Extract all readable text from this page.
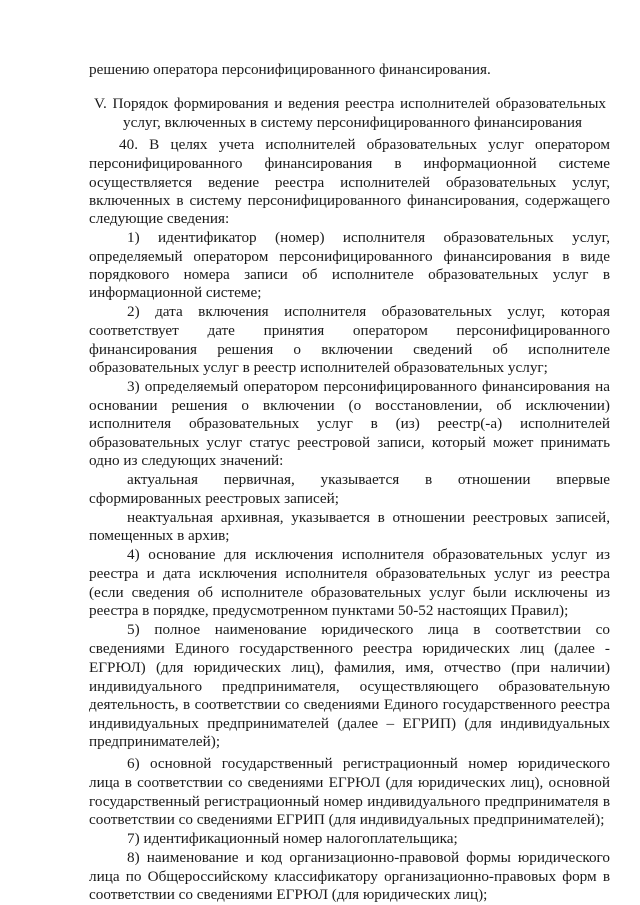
решению оператора персонифицированного финансирования.
V. Порядок формирования и ведения реестра исполнителей образовательных
услуг, включенных в систему персонифицированного финансирования
40. В целях учета исполнителей образовательных услуг оператором
персонифицированного финансирования в информационной системе
осуществляется ведение реестра исполнителей образовательных услуг,
включенных в систему персонифицированного финансирования, содержащего
следующие сведения:
1) идентификатор (номер) исполнителя образовательных услуг,
определяемый оператором персонифицированного финансирования в виде
порядкового номера записи об исполнителе образовательных услуг в
информационной системе;
2) дата включения исполнителя образовательных услуг, которая
соответствует дате принятия оператором персонифицированного
финансирования решения о включении сведений об исполнителе
образовательных услуг в реестр исполнителей образовательных услуг;
3) определяемый оператором персонифицированного финансирования на
основании решения о включении (о восстановлении, об исключении)
исполнителя образовательных услуг в (из) реестр(-а) исполнителей
образовательных услуг статус реестровой записи, который может принимать
одно из следующих значений:
актуальная первичная, указывается в отношении впервые
сформированных реестровых записей;
неактуальная архивная, указывается в отношении реестровых записей,
помещенных в архив;
4) основание для исключения исполнителя образовательных услуг из
реестра и дата исключения исполнителя образовательных услуг из реестра
(если сведения об исполнителе образовательных услуг были исключены из
реестра в порядке, предусмотренном пунктами 50-52 настоящих Правил);
5) полное наименование юридического лица в соответствии со
сведениями Единого государственного реестра юридических лиц (далее -
ЕГРЮЛ) (для юридических лиц), фамилия, имя, отчество (при наличии)
индивидуального предпринимателя, осуществляющего образовательную
деятельность, в соответствии со сведениями Единого государственного реестра
индивидуальных предпринимателей (далее – ЕГРИП) (для индивидуальных
предпринимателей);
6) основной государственный регистрационный номер юридического
лица в соответствии со сведениями ЕГРЮЛ (для юридических лиц), основной
государственный регистрационный номер индивидуального предпринимателя в
соответствии со сведениями ЕГРИП (для индивидуальных предпринимателей);
7) идентификационный номер налогоплательщика;
8) наименование и код организационно-правовой формы юридического
лица по Общероссийскому классификатору организационно-правовых форм в
соответствии со сведениями ЕГРЮЛ (для юридических лиц);
